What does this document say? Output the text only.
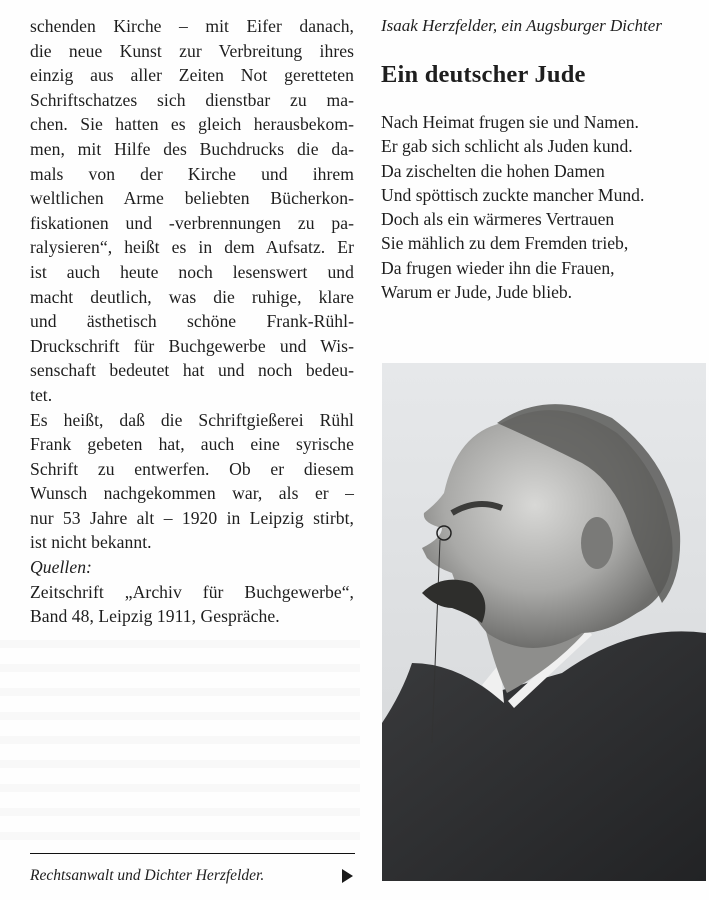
schenden Kirche – mit Eifer danach,
die neue Kunst zur Verbreitung ihres
einzig aus aller Zeiten Not geretteten
Schriftschatzes sich dienstbar zu ma-
chen. Sie hatten es gleich herausbekom-
men, mit Hilfe des Buchdrucks die da-
mals von der Kirche und ihrem
weltlichen Arme beliebten Bücherkon-
fiskationen und -verbrennungen zu pa-
ralysieren“, heißt es in dem Aufsatz. Er
ist auch heute noch lesenswert und
macht deutlich, was die ruhige, klare
und ästhetisch schöne Frank-Rühl-
Druckschrift für Buchgewerbe und Wis-
senschaft bedeutet hat und noch bedeu-
tet.

Es heißt, daß die Schriftgießerei Rühl
Frank gebeten hat, auch eine syrische
Schrift zu entwerfen. Ob er diesem
Wunsch nachgekommen war, als er –
nur 53 Jahre alt – 1920 in Leipzig stirbt,
ist nicht bekannt.

Quellen:
Zeitschrift „Archiv für Buchgewerbe“,
Band 48, Leipzig 1911, Gespräche.

Isaak Herzfelder, ein Augsburger Dichter
Ein deutscher Jude
Nach Heimat frugen sie und Namen.
Er gab sich schlicht als Juden kund.
Da zischelten die hohen Damen
Und spöttisch zuckte mancher Mund.
Doch als ein wärmeres Vertrauen
Sie mählich zu dem Fremden trieb,
Da frugen wieder ihn die Frauen,
Warum er Jude, Jude blieb.
Rechtsanwalt und Dichter Herzfelder.
